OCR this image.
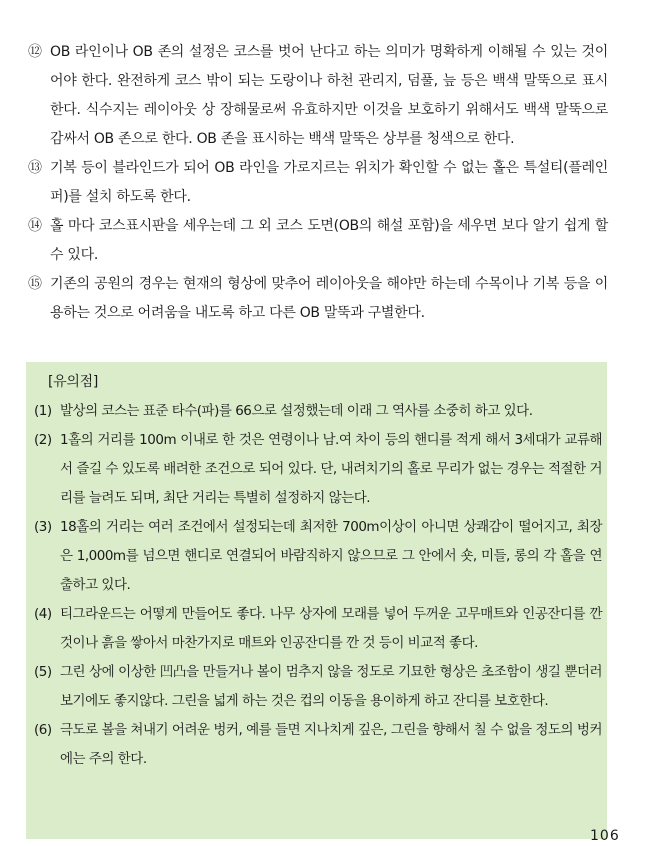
⑫ OB 라인이나 OB 존의 설정은 코스를 벗어 난다고 하는 의미가 명확하게 이해될 수 있는 것이어야 한다. 완전하게 코스 밖이 되는 도랑이나 하천 관리지, 덤풀, 늪 등은 백색 말뚝으로 표시한다. 식수지는 레이아웃 상 장해물로써 유효하지만 이것을 보호하기 위해서도 백색 말뚝으로 감싸서 OB 존으로 한다. OB 존을 표시하는 백색 말뚝은 상부를 청색으로 한다.
⑬ 기복 등이 블라인드가 되어 OB 라인을 가로지르는 위치가 확인할 수 없는 홀은 특설티(플레인 퍼)를 설치 하도록 한다.
⑭ 홀 마다 코스표시판을 세우는데 그 외 코스 도면(OB의 해설 포함)을 세우면 보다 알기 쉽게 할 수 있다.
⑮ 기존의 공원의 경우는 현재의 형상에 맞추어 레이아웃을 해야만 하는데 수목이나 기복 등을 이용하는 것으로 어려움을 내도록 하고 다른 OB 말뚝과 구별한다.
[유의점]
(1) 발상의 코스는 표준 타수(파)를 66으로 설정했는데 이래 그 역사를 소중히 하고 있다.
(2) 1홀의 거리를 100m 이내로 한 것은 연령이나 남.여 차이 등의 핸디를 적게 해서 3세대가 교류해서 즐길 수 있도록 배려한 조건으로 되어 있다. 단, 내려치기의 홀로 무리가 없는 경우는 적절한 거리를 늘려도 되며, 최단 거리는 특별히 설정하지 않는다.
(3) 18홀의 거리는 여러 조건에서 설정되는데 최저한 700m이상이 아니면 상쾌감이 떨어지고, 최장은 1,000m를 넘으면 핸디로 연결되어 바람직하지 않으므로 그 안에서 숏, 미들, 롱의 각 홀을 연출하고 있다.
(4) 티그라운드는 어떻게 만들어도 좋다. 나무 상자에 모래를 넣어 두꺼운 고무매트와 인공잔디를 깐 것이나 흙을 쌓아서 마찬가지로 매트와 인공잔디를 깐 것 등이 비교적 좋다.
(5) 그린 상에 이상한 凹凸을 만들거나 볼이 멈추지 않을 정도로 기묘한 형상은 초조함이 생길 뿐더러 보기에도 좋지않다. 그린을 넓게 하는 것은 컵의 이동을 용이하게 하고 잔디를 보호한다.
(6) 극도로 볼을 쳐내기 어려운 벙커, 예를 들면 지나치게 깊은, 그린을 향해서 칠 수 없을 정도의 벙커에는 주의 한다.
106
